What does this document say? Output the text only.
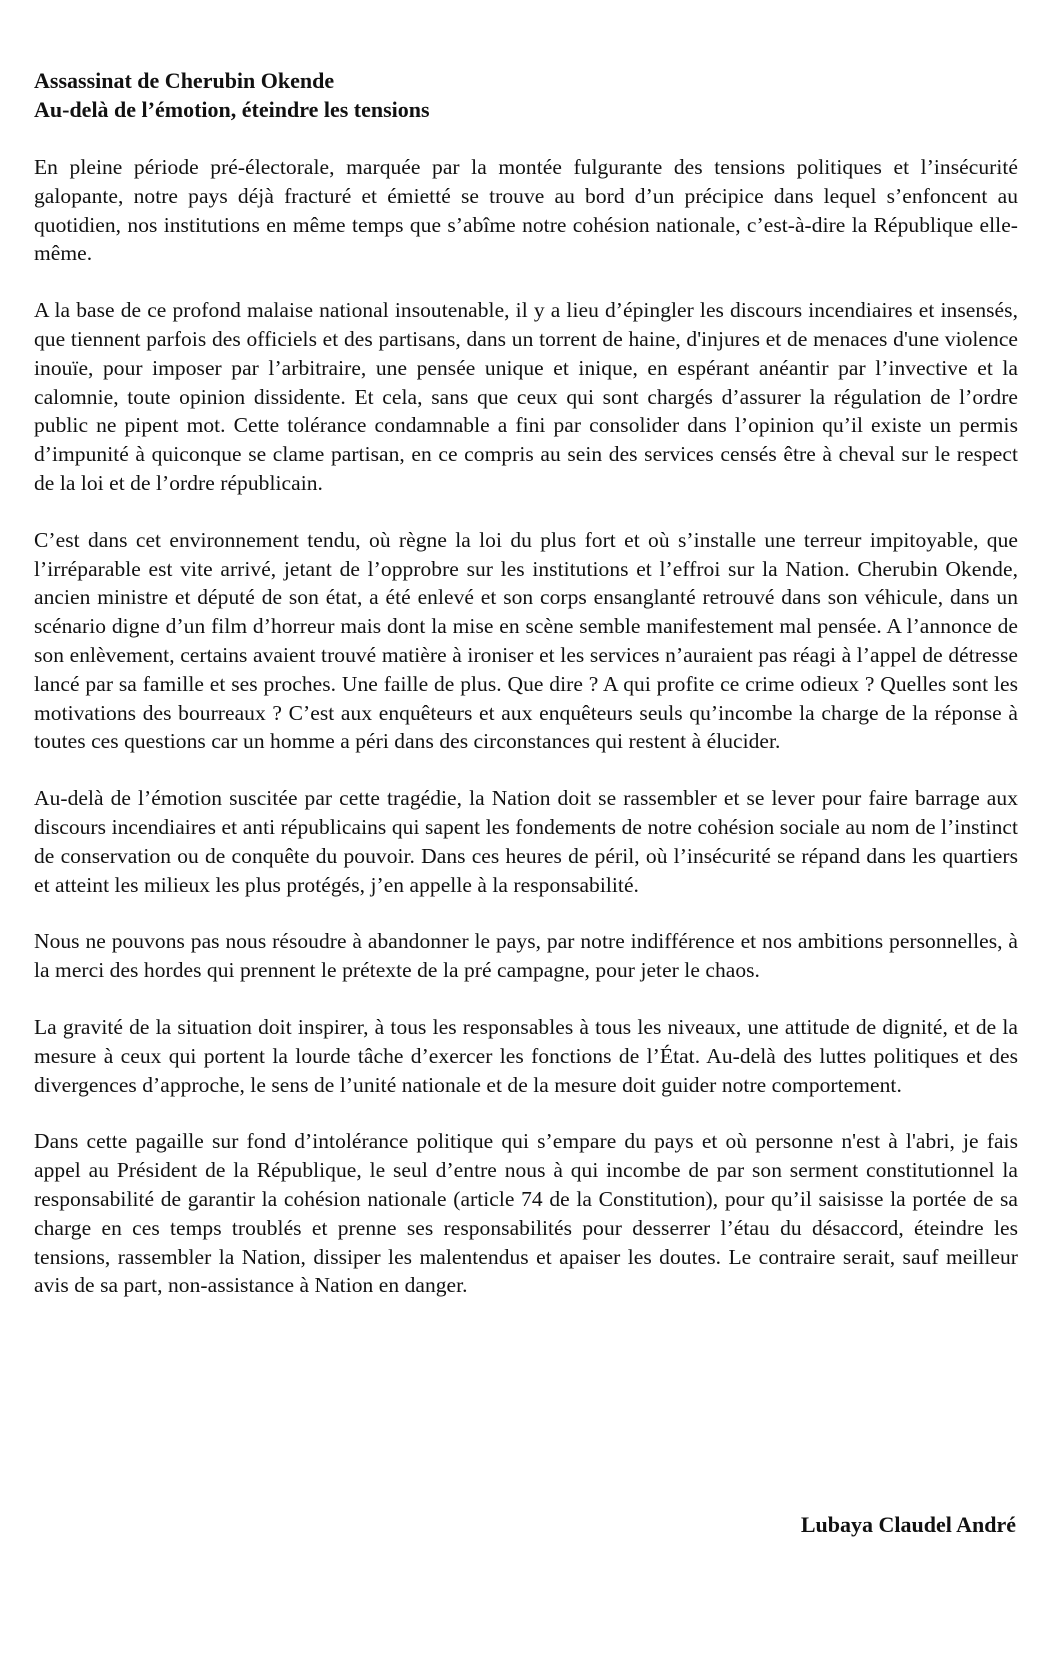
Assassinat de Cherubin Okende

Au-delà de l’émotion, éteindre les tensions

En pleine période pré-électorale, marquée par la montée fulgurante des tensions politiques et l’insécurité galopante, notre pays déjà fracturé et émietté se trouve au bord d’un précipice dans lequel s’enfoncent au quotidien, nos institutions en même temps que s’abîme notre cohésion nationale, c’est-à-dire la République elle-même.

A la base de ce profond malaise national insoutenable, il y a lieu d’épingler les discours incendiaires et insensés, que tiennent parfois des officiels et des partisans, dans un torrent de haine, d'injures et de menaces d'une violence inouïe, pour imposer par l’arbitraire, une pensée unique et inique, en espérant anéantir par l’invective et la calomnie, toute opinion dissidente. Et cela, sans que ceux qui sont chargés d’assurer la régulation de l’ordre public ne pipent mot. Cette tolérance condamnable a fini par consolider dans l’opinion qu’il existe un permis d’impunité à quiconque se clame partisan, en ce compris au sein des services censés être à cheval sur le respect de la loi et de l’ordre républicain.

C’est dans cet environnement tendu, où règne la loi du plus fort et où s’installe une terreur impitoyable, que l’irréparable est vite arrivé, jetant de l’opprobre sur les institutions et l’effroi sur la Nation. Cherubin Okende, ancien ministre et député de son état, a été enlevé et son corps ensanglanté retrouvé dans son véhicule, dans un scénario digne d’un film d’horreur mais dont la mise en scène semble manifestement mal pensée. A l’annonce de son enlèvement, certains avaient trouvé matière à ironiser et les services n’auraient pas réagi à l’appel de détresse lancé par sa famille et ses proches. Une faille de plus. Que dire ? A qui profite ce crime odieux ? Quelles sont les motivations des bourreaux ? C’est aux enquêteurs et aux enquêteurs seuls qu’incombe la charge de la réponse à toutes ces questions car un homme a péri dans des circonstances qui restent à élucider.

Au-delà de l’émotion suscitée par cette tragédie, la Nation doit se rassembler et se lever pour faire barrage aux discours incendiaires et anti républicains qui sapent les fondements de notre cohésion sociale au nom de l’instinct de conservation ou de conquête du pouvoir. Dans ces heures de péril, où l’insécurité se répand dans les quartiers et atteint les milieux les plus protégés, j’en appelle à la responsabilité.

Nous ne pouvons pas nous résoudre à abandonner le pays, par notre indifférence et nos ambitions personnelles, à la merci des hordes qui prennent le prétexte de la pré campagne, pour jeter le chaos.

La gravité de la situation doit inspirer, à tous les responsables à tous les niveaux, une attitude de dignité, et de la mesure à ceux qui portent la lourde tâche d’exercer les fonctions de l’État. Au-delà des luttes politiques et des divergences d’approche, le sens de l’unité nationale et de la mesure doit guider notre comportement.

Dans cette pagaille sur fond d’intolérance politique qui s’empare du pays et où personne n'est à l'abri, je fais appel au Président de la République, le seul d’entre nous à qui incombe de par son serment constitutionnel la responsabilité de garantir la cohésion nationale (article 74 de la Constitution), pour qu’il saisisse la portée de sa charge en ces temps troublés et prenne ses responsabilités pour desserrer l’étau du désaccord, éteindre les tensions, rassembler la Nation, dissiper les malentendus et apaiser les doutes. Le contraire serait, sauf meilleur avis de sa part, non-assistance à Nation en danger.

Lubaya Claudel André
